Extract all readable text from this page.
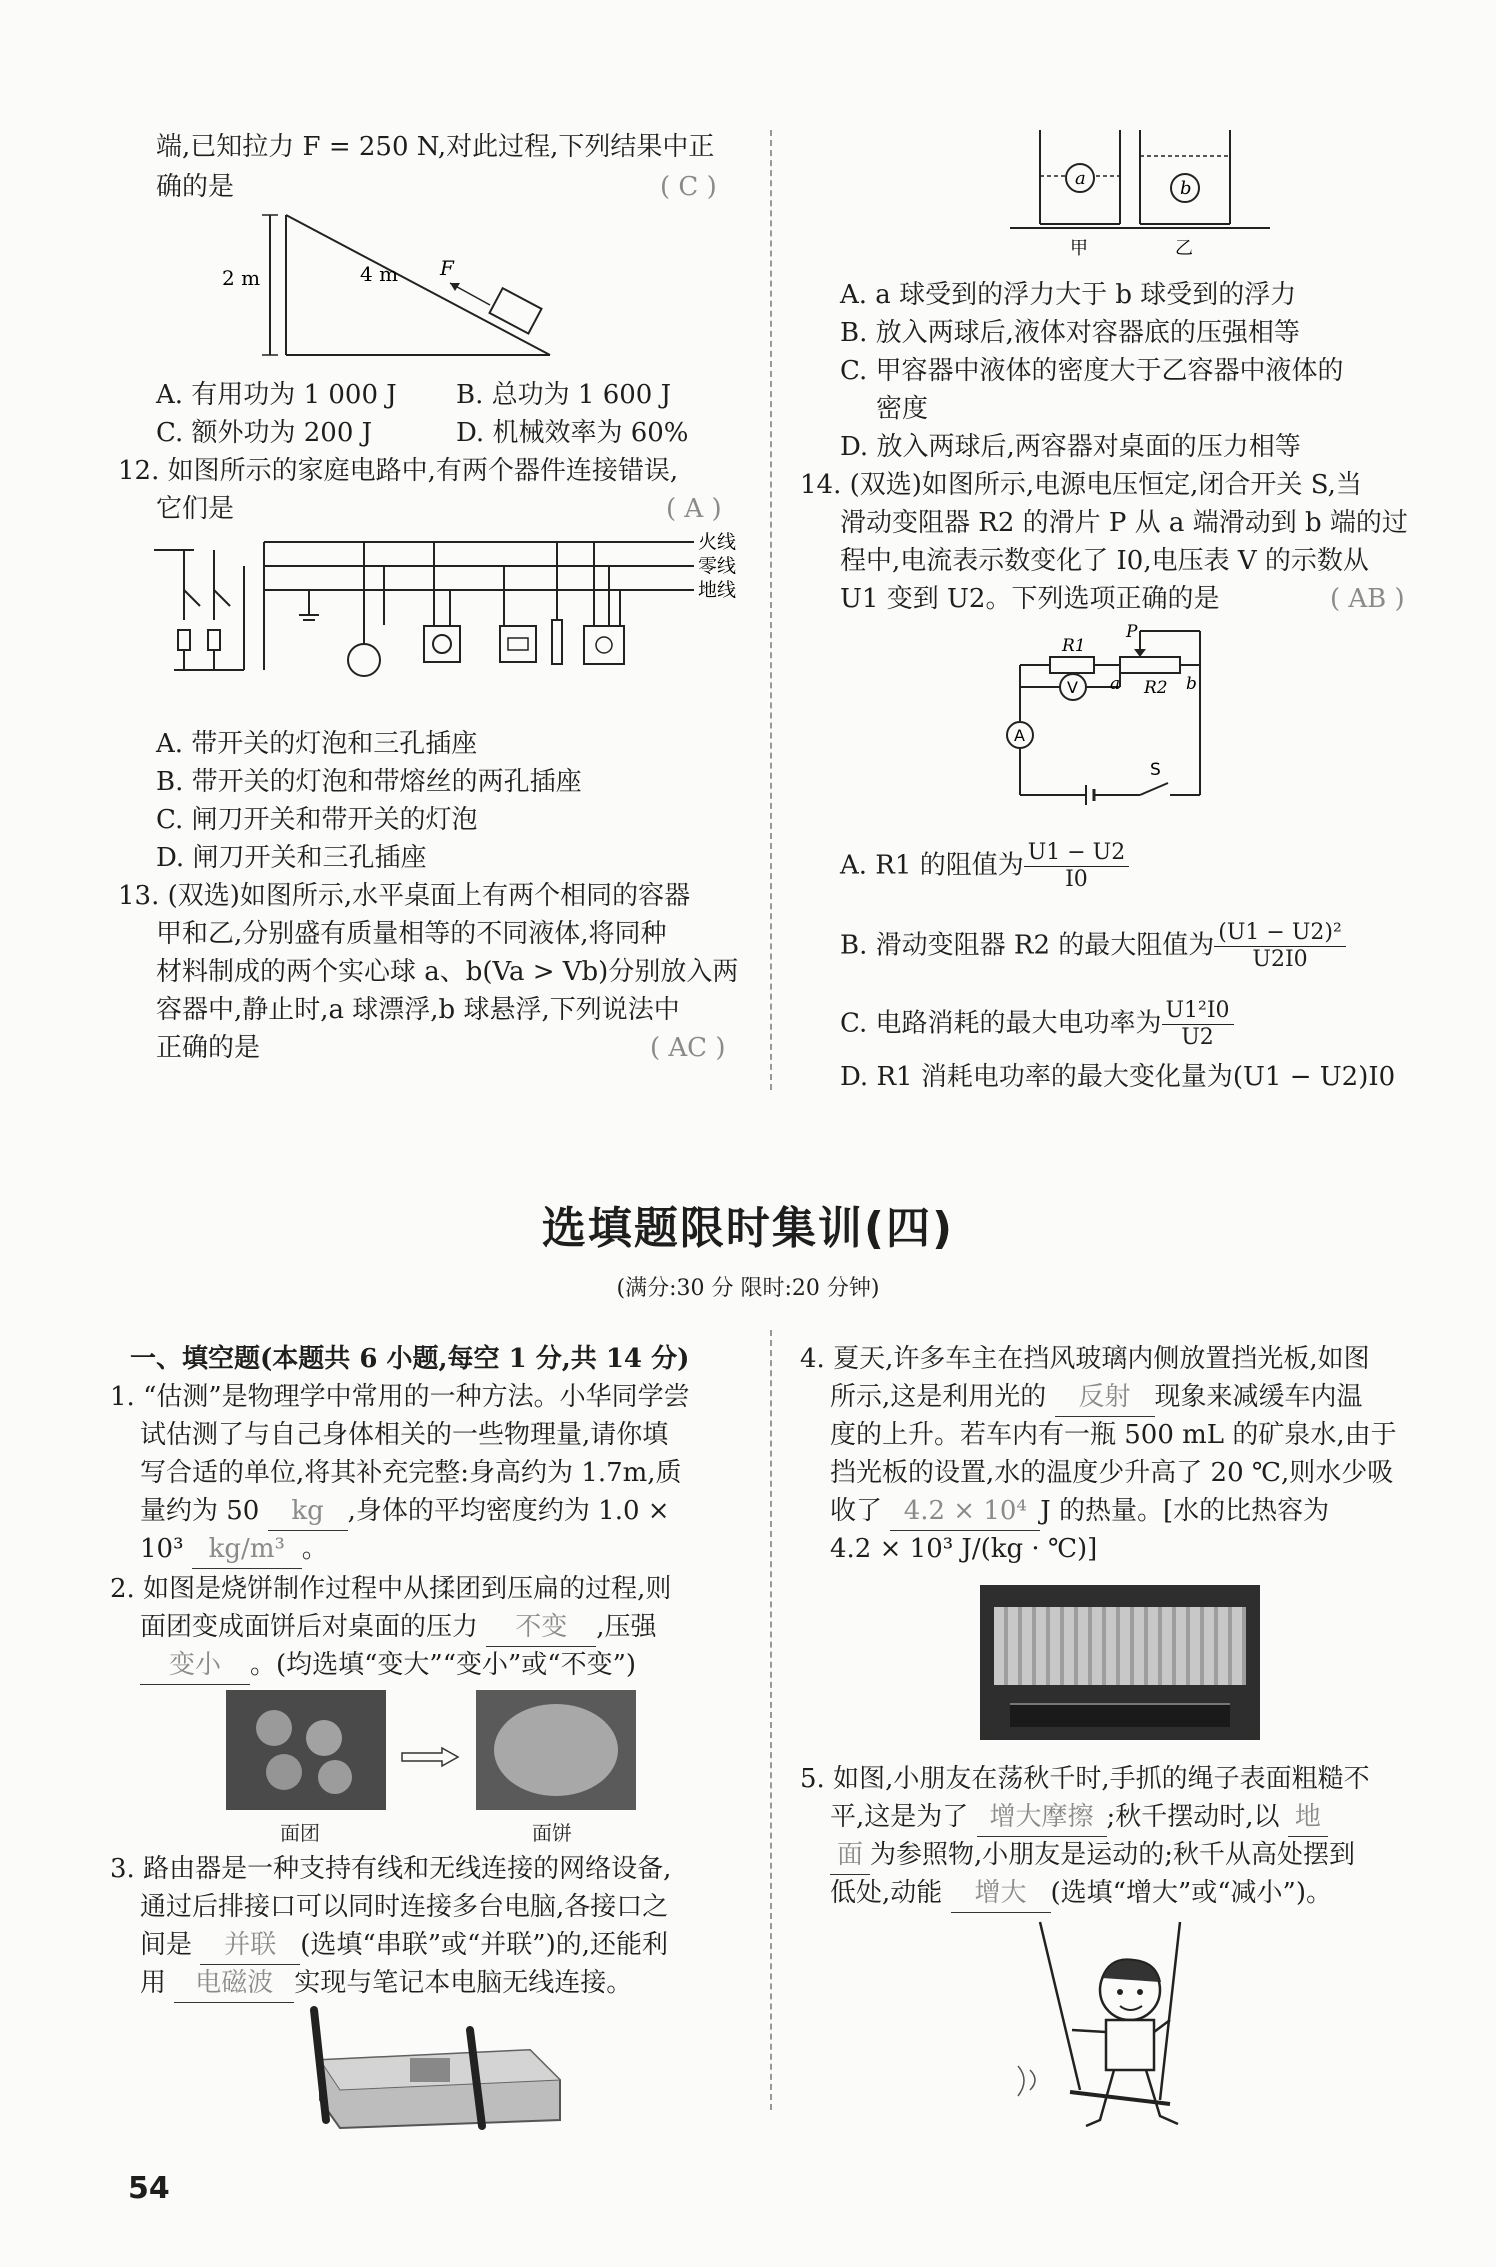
端,已知拉力 F = 250 N,对此过程,下列结果中正
确的是	( C )
2 m	4 m F
A. 有用功为 1 000 J B. 总功为 1 600 J
C. 额外功为 200 J	D. 机械效率为 60%
12. 如图所示的家庭电路中,有两个器件连接错误,
它们是	( A )
火线
零线
地线
A. 带开关的灯泡和三孔插座
B. 带开关的灯泡和带熔丝的两孔插座
C. 闸刀开关和带开关的灯泡
D. 闸刀开关和三孔插座
13. (双选)如图所示,水平桌面上有两个相同的容器
甲和乙,分别盛有质量相等的不同液体,将同种
材料制成的两个实心球 a、b(Va > Vb)分别放入两
容器中,静止时,a 球漂浮,b 球悬浮,下列说法中
正确的是	( AC )
a	b
甲	乙
A. a 球受到的浮力大于 b 球受到的浮力
B. 放入两球后,液体对容器底的压强相等
C. 甲容器中液体的密度大于乙容器中液体的
密度
D. 放入两球后,两容器对桌面的压力相等
14. (双选)如图所示,电源电压恒定,闭合开关 S,当
滑动变阻器 R2 的滑片 P 从 a 端滑动到 b 端的过
程中,电流表示数变化了 I0,电压表 V 的示数从
U1 变到 U2。下列选项正确的是	( AB )
R1
P
a R2 b
V
A
S
A. R1 的阻值为 $\frac{U1 - U2}{I0}$
B. 滑动变阻器 R2 的最大阻值为 $\frac{\text{(U1 − U2)²}}{U2I0}$
C. 电路消耗的最大电功率为 $\frac{\text{U1²I0}}{U2}$
D. R1 消耗电功率的最大变化量为(U1 − U2)I0
选填题限时集训(四)
(满分:30 分 限时:20 分钟)
一、填空题(本题共 6 小题,每空 1 分,共 14 分)
1. “估测”是物理学中常用的一种方法。小华同学尝
试估测了与自己身体相关的一些物理量,请你填
写合适的单位,将其补充完整:身高约为 1.7m,质
量约为 50 kg ,身体的平均密度约为 1.0 ×
10³ kg/m³ 。
2. 如图是烧饼制作过程中从揉团到压扁的过程,则
面团变成面饼后对桌面的压力 不变 ,压强
变小 。(均选填“变大”“变小”或“不变”)
面团	面饼
3. 路由器是一种支持有线和无线连接的网络设备,
通过后排接口可以同时连接多台电脑,各接口之
间是 并联 (选填“串联”或“并联”)的,还能利
用 电磁波 实现与笔记本电脑无线连接。
4. 夏天,许多车主在挡风玻璃内侧放置挡光板,如图
所示,这是利用光的 反射 现象来减缓车内温
度的上升。若车内有一瓶 500 mL 的矿泉水,由于
挡光板的设置,水的温度少升高了 20 ℃,则水少吸
收了 4.2 × 10⁴ J 的热量。[水的比热容为
4.2 × 10³ J/(kg · ℃)]
5. 如图,小朋友在荡秋千时,手抓的绳子表面粗糙不
平,这是为了 增大摩擦 ;秋千摆动时,以 地
面 为参照物,小朋友是运动的;秋千从高处摆到
低处,动能 增大 (选填“增大”或“减小”)。
54
